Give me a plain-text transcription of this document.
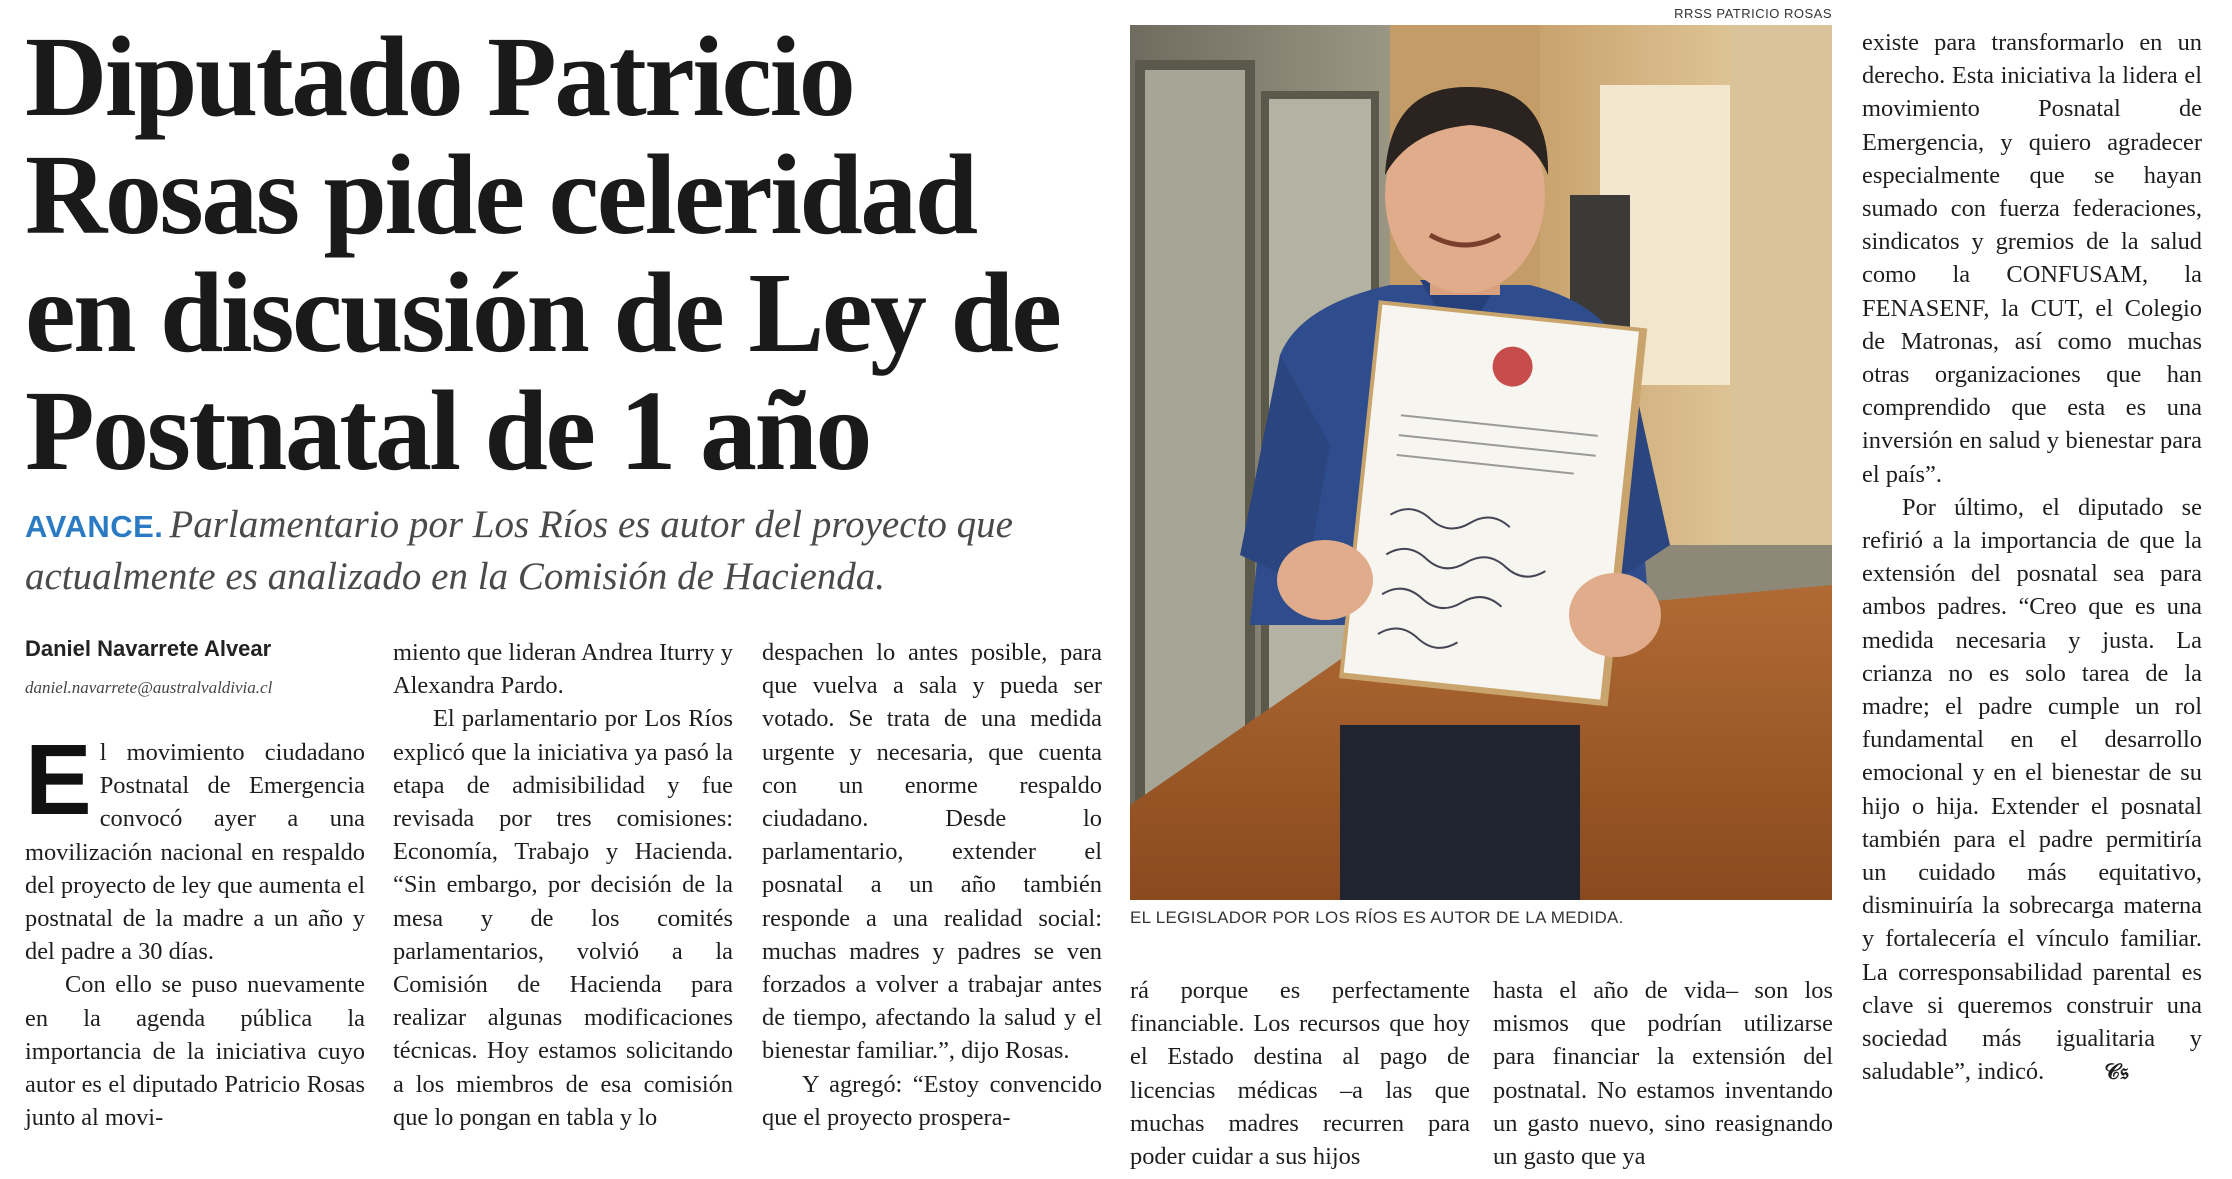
Diputado Patricio Rosas pide celeridad en discusión de Ley de Postnatal de 1 año

AVANCE. Parlamentario por Los Ríos es autor del proyecto que actualmente es analizado en la Comisión de Hacienda.

Daniel Navarrete Alvear
daniel.navarrete@australvaldivia.cl

El movimiento ciudadano Postnatal de Emergencia convocó ayer a una movilización nacional en respaldo del proyecto de ley que aumenta el postnatal de la madre a un año y del padre a 30 días.

Con ello se puso nuevamente en la agenda pública la importancia de la iniciativa cuyo autor es el diputado Patricio Rosas junto al movi-

miento que lideran Andrea Iturry y Alexandra Pardo.

El parlamentario por Los Ríos explicó que la iniciativa ya pasó la etapa de admisibilidad y fue revisada por tres comisiones: Economía, Trabajo y Hacienda. “Sin embargo, por decisión de la mesa y de los comités parlamentarios, volvió a la Comisión de Hacienda para realizar algunas modificaciones técnicas. Hoy estamos solicitando a los miembros de esa comisión que lo pongan en tabla y lo

despachen lo antes posible, para que vuelva a sala y pueda ser votado. Se trata de una medida urgente y necesaria, que cuenta con un enorme respaldo ciudadano. Desde lo parlamentario, extender el posnatal a un año también responde a una realidad social: muchas madres y padres se ven forzados a volver a trabajar antes de tiempo, afectando la salud y el bienestar familiar.”, dijo Rosas.

Y agregó: “Estoy convencido que el proyecto prospera-

RRSS PATRICIO ROSAS
EL LEGISLADOR POR LOS RÍOS ES AUTOR DE LA MEDIDA.

rá porque es perfectamente financiable. Los recursos que hoy el Estado destina al pago de licencias médicas –a las que muchas madres recurren para poder cuidar a sus hijos

hasta el año de vida– son los mismos que podrían utilizarse para financiar la extensión del postnatal. No estamos inventando un gasto nuevo, sino reasignando un gasto que ya

existe para transformarlo en un derecho. Esta iniciativa la lidera el movimiento Posnatal de Emergencia, y quiero agradecer especialmente que se hayan sumado con fuerza federaciones, sindicatos y gremios de la salud como la CONFUSAM, la FENASENF, la CUT, el Colegio de Matronas, así como muchas otras organizaciones que han comprendido que esta es una inversión en salud y bienestar para el país”.

Por último, el diputado se refirió a la importancia de que la extensión del posnatal sea para ambos padres. “Creo que es una medida necesaria y justa. La crianza no es solo tarea de la madre; el padre cumple un rol fundamental en el desarrollo emocional y en el bienestar de su hijo o hija. Extender el posnatal también para el padre permitiría un cuidado más equitativo, disminuiría la sobrecarga materna y fortalecería el vínculo familiar. La corresponsabilidad parental es clave si queremos construir una sociedad más igualitaria y saludable”, indicó.	𝒞𝔰
